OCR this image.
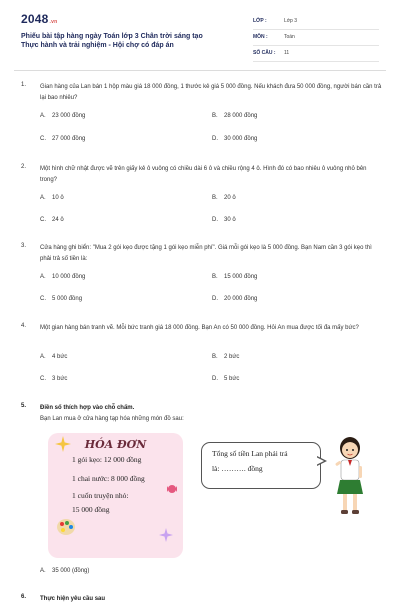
2048.vn
Phiếu bài tập hàng ngày Toán lớp 3 Chân trời sáng tạo
Thực hành và trải nghiệm - Hội chợ có đáp án
LỚP :	Lớp 3
MÔN :	Toán
SỐ CÂU : 11
1. Gian hàng của Lan bán 1 hộp màu giá 18 000 đồng, 1 thước kẻ giá 5 000 đồng. Nếu khách đưa 50 000 đồng, người bán cần trả lại bao nhiêu?
A. 23 000 đồng	B. 28 000 đồng
C. 27 000 đồng	D. 30 000 đồng
2. Một hình chữ nhật được vẽ trên giấy kẻ ô vuông có chiều dài 6 ô và chiều rộng 4 ô. Hình đó có bao nhiêu ô vuông nhỏ bên trong?
A. 10 ô	B. 20 ô
C. 24 ô	D. 30 ô
3. Cửa hàng ghi biển: "Mua 2 gói kẹo được tặng 1 gói kẹo miễn phí". Giá mỗi gói kẹo là 5 000 đồng. Bạn Nam cần 3 gói kẹo thì phải trả số tiền là:
A. 10 000 đồng	B. 15 000 đồng
C. 5 000 đồng	D. 20 000 đồng
4. Một gian hàng bán tranh vẽ. Mỗi bức tranh giá 18 000 đồng. Bạn An có 50 000 đồng. Hỏi An mua được tối đa mấy bức?
A. 4 bức	B. 2 bức
C. 3 bức	D. 5 bức
5. Điền số thích hợp vào chỗ chấm.
Bạn Lan mua ở cửa hàng tạp hóa những món đồ sau:
HÓA ĐƠN
1 gói kẹo: 12 000 đồng
1 chai nước: 8 000 đồng
1 cuốn truyện nhỏ:
15 000 đồng
Tổng số tiền Lan phải trả
là: ………. đồng
A. 35 000 (đồng)
6. Thực hiện yêu cầu sau
